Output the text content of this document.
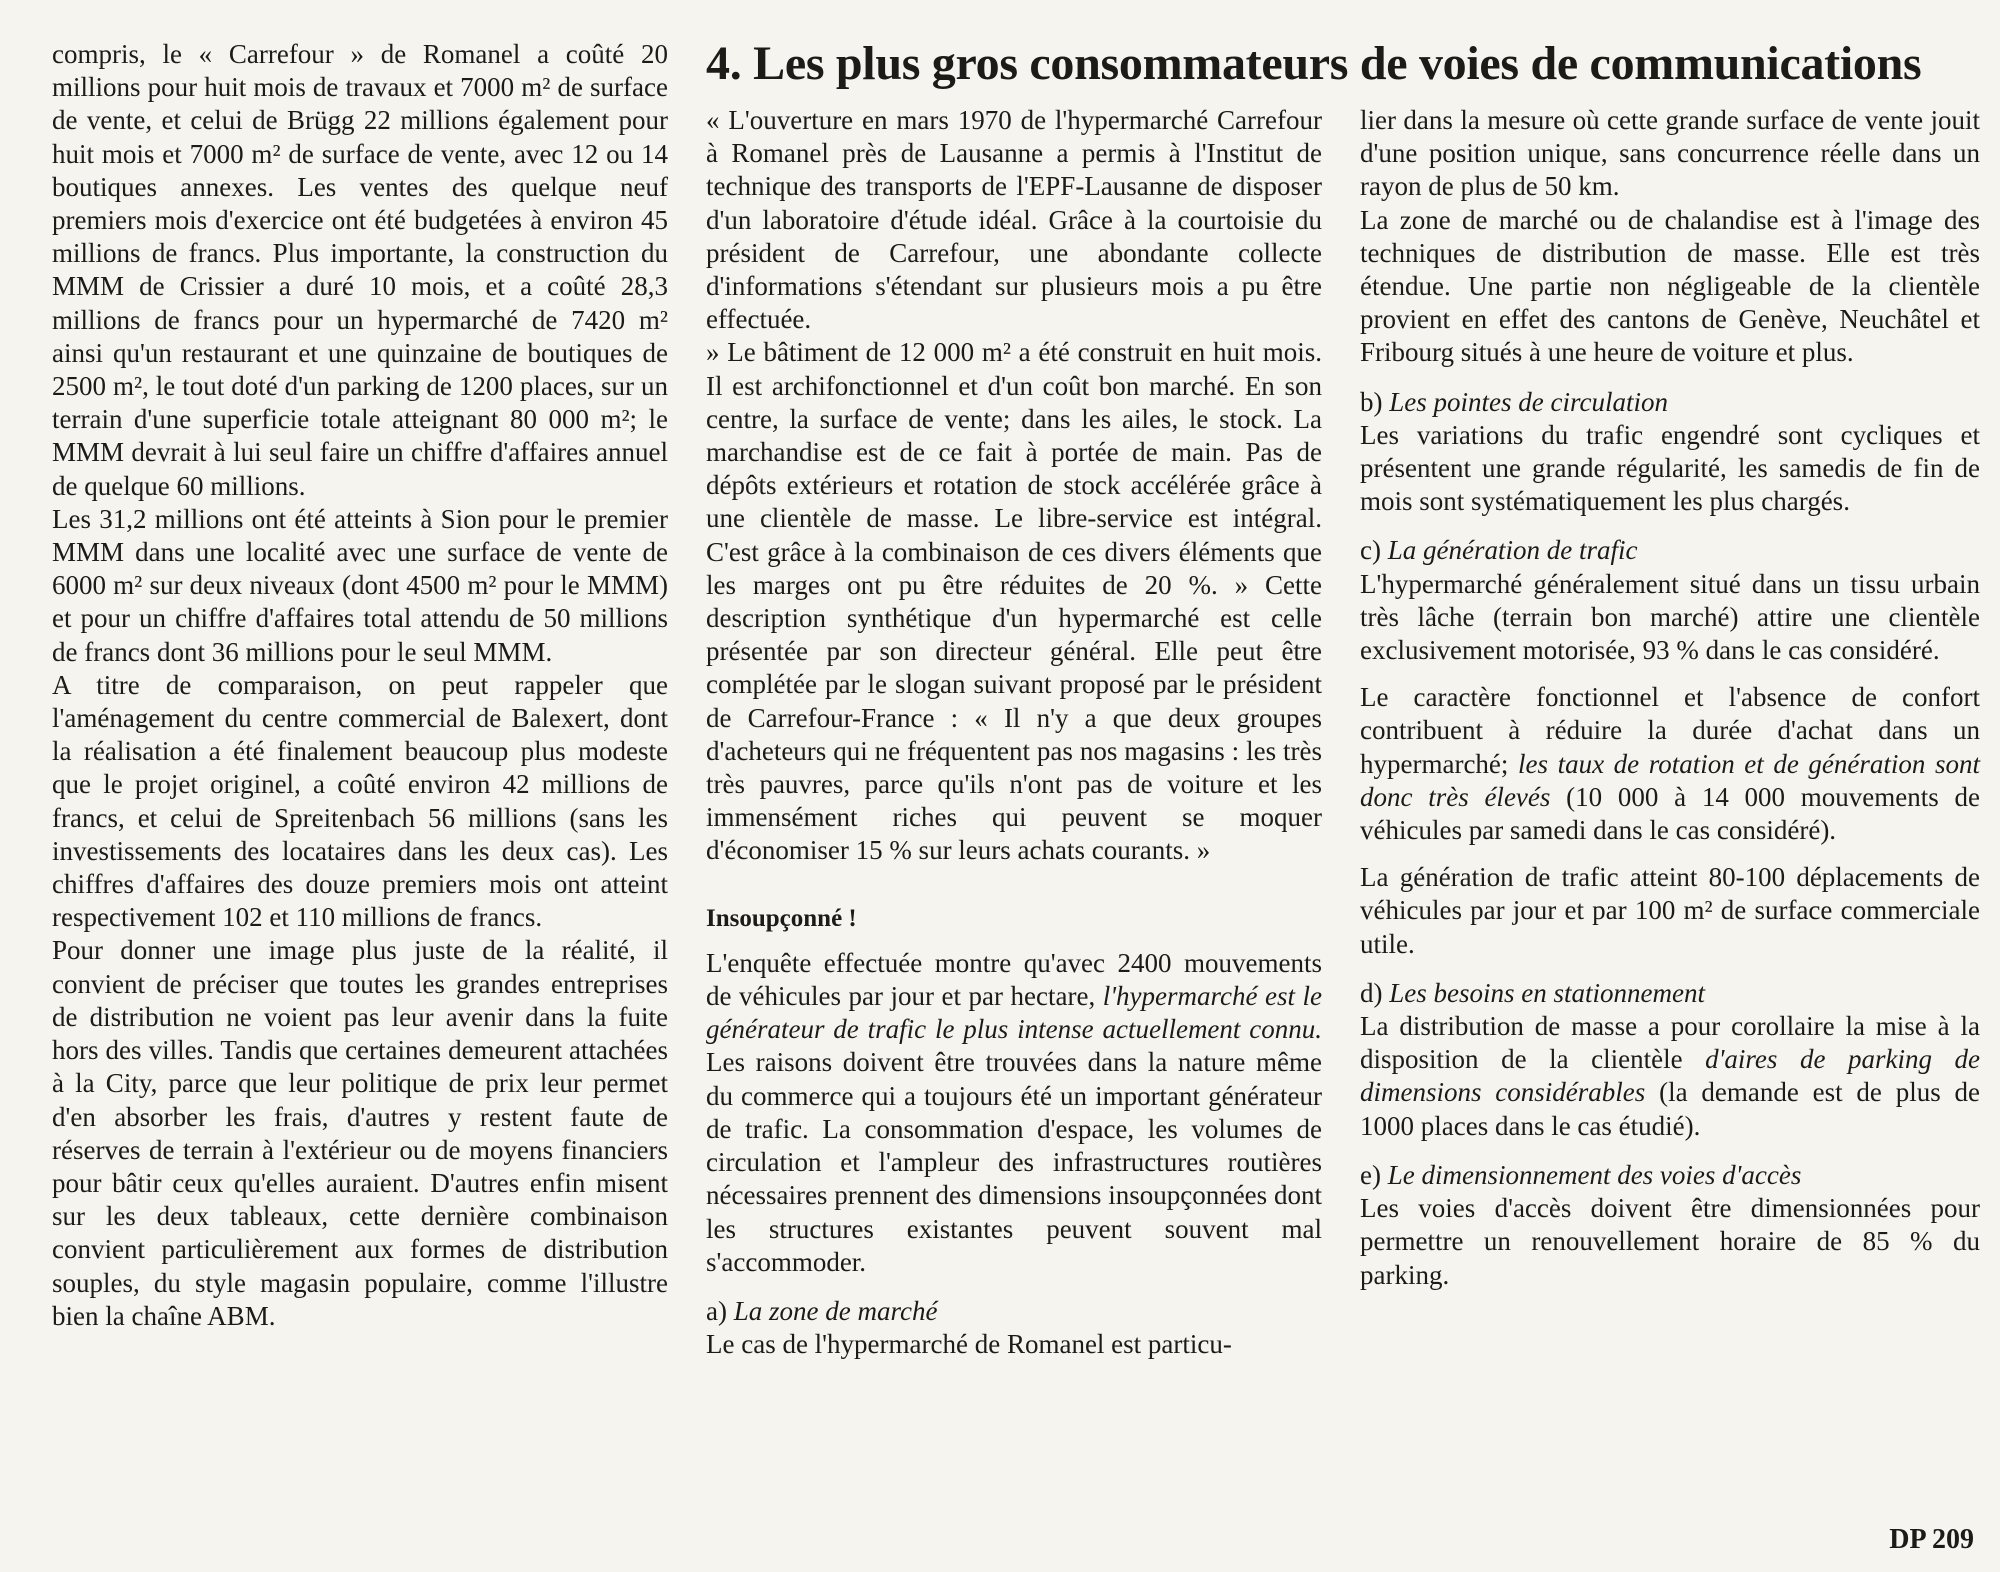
compris, le « Carrefour » de Romanel a coûté 20 millions pour huit mois de travaux et 7000 m² de surface de vente, et celui de Brügg 22 millions également pour huit mois et 7000 m² de surface de vente, avec 12 ou 14 boutiques annexes. Les ventes des quelque neuf premiers mois d'exercice ont été budgetées à environ 45 millions de francs. Plus importante, la construction du MMM de Crissier a duré 10 mois, et a coûté 28,3 millions de francs pour un hypermarché de 7420 m² ainsi qu'un restaurant et une quinzaine de boutiques de 2500 m², le tout doté d'un parking de 1200 places, sur un terrain d'une superficie totale atteignant 80 000 m²; le MMM devrait à lui seul faire un chiffre d'affaires annuel de quelque 60 millions.

Les 31,2 millions ont été atteints à Sion pour le premier MMM dans une localité avec une surface de vente de 6000 m² sur deux niveaux (dont 4500 m² pour le MMM) et pour un chiffre d'affaires total attendu de 50 millions de francs dont 36 millions pour le seul MMM.

A titre de comparaison, on peut rappeler que l'aménagement du centre commercial de Balexert, dont la réalisation a été finalement beaucoup plus modeste que le projet originel, a coûté environ 42 millions de francs, et celui de Spreitenbach 56 millions (sans les investissements des locataires dans les deux cas). Les chiffres d'affaires des douze premiers mois ont atteint respectivement 102 et 110 millions de francs.

Pour donner une image plus juste de la réalité, il convient de préciser que toutes les grandes entreprises de distribution ne voient pas leur avenir dans la fuite hors des villes. Tandis que certaines demeurent attachées à la City, parce que leur politique de prix leur permet d'en absorber les frais, d'autres y restent faute de réserves de terrain à l'extérieur ou de moyens financiers pour bâtir ceux qu'elles auraient. D'autres enfin misent sur les deux tableaux, cette dernière combinaison convient particulièrement aux formes de distribution souples, du style magasin populaire, comme l'illustre bien la chaîne ABM.

4. Les plus gros consommateurs de voies de communications

« L'ouverture en mars 1970 de l'hypermarché Carrefour à Romanel près de Lausanne a permis à l'Institut de technique des transports de l'EPF-Lausanne de disposer d'un laboratoire d'étude idéal. Grâce à la courtoisie du président de Carrefour, une abondante collecte d'informations s'étendant sur plusieurs mois a pu être effectuée.

» Le bâtiment de 12 000 m² a été construit en huit mois. Il est archifonctionnel et d'un coût bon marché. En son centre, la surface de vente; dans les ailes, le stock. La marchandise est de ce fait à portée de main. Pas de dépôts extérieurs et rotation de stock accélérée grâce à une clientèle de masse. Le libre-service est intégral. C'est grâce à la combinaison de ces divers éléments que les marges ont pu être réduites de 20 %. » Cette description synthétique d'un hypermarché est celle présentée par son directeur général. Elle peut être complétée par le slogan suivant proposé par le président de Carrefour-France : « Il n'y a que deux groupes d'acheteurs qui ne fréquentent pas nos magasins : les très très pauvres, parce qu'ils n'ont pas de voiture et les immensément riches qui peuvent se moquer d'économiser 15 % sur leurs achats courants. »

Insoupçonné !

L'enquête effectuée montre qu'avec 2400 mouvements de véhicules par jour et par hectare, l'hypermarché est le générateur de trafic le plus intense actuellement connu. Les raisons doivent être trouvées dans la nature même du commerce qui a toujours été un important générateur de trafic. La consommation d'espace, les volumes de circulation et l'ampleur des infrastructures routières nécessaires prennent des dimensions insoupçonnées dont les structures existantes peuvent souvent mal s'accommoder.

a) La zone de marché

Le cas de l'hypermarché de Romanel est particu-

lier dans la mesure où cette grande surface de vente jouit d'une position unique, sans concurrence réelle dans un rayon de plus de 50 km.

La zone de marché ou de chalandise est à l'image des techniques de distribution de masse. Elle est très étendue. Une partie non négligeable de la clientèle provient en effet des cantons de Genève, Neuchâtel et Fribourg situés à une heure de voiture et plus.

b) Les pointes de circulation

Les variations du trafic engendré sont cycliques et présentent une grande régularité, les samedis de fin de mois sont systématiquement les plus chargés.

c) La génération de trafic

L'hypermarché généralement situé dans un tissu urbain très lâche (terrain bon marché) attire une clientèle exclusivement motorisée, 93 % dans le cas considéré.

Le caractère fonctionnel et l'absence de confort contribuent à réduire la durée d'achat dans un hypermarché; les taux de rotation et de génération sont donc très élevés (10 000 à 14 000 mouvements de véhicules par samedi dans le cas considéré).

La génération de trafic atteint 80-100 déplacements de véhicules par jour et par 100 m² de surface commerciale utile.

d) Les besoins en stationnement

La distribution de masse a pour corollaire la mise à la disposition de la clientèle d'aires de parking de dimensions considérables (la demande est de plus de 1000 places dans le cas étudié).

e) Le dimensionnement des voies d'accès

Les voies d'accès doivent être dimensionnées pour permettre un renouvellement horaire de 85 % du parking.

DP 209
